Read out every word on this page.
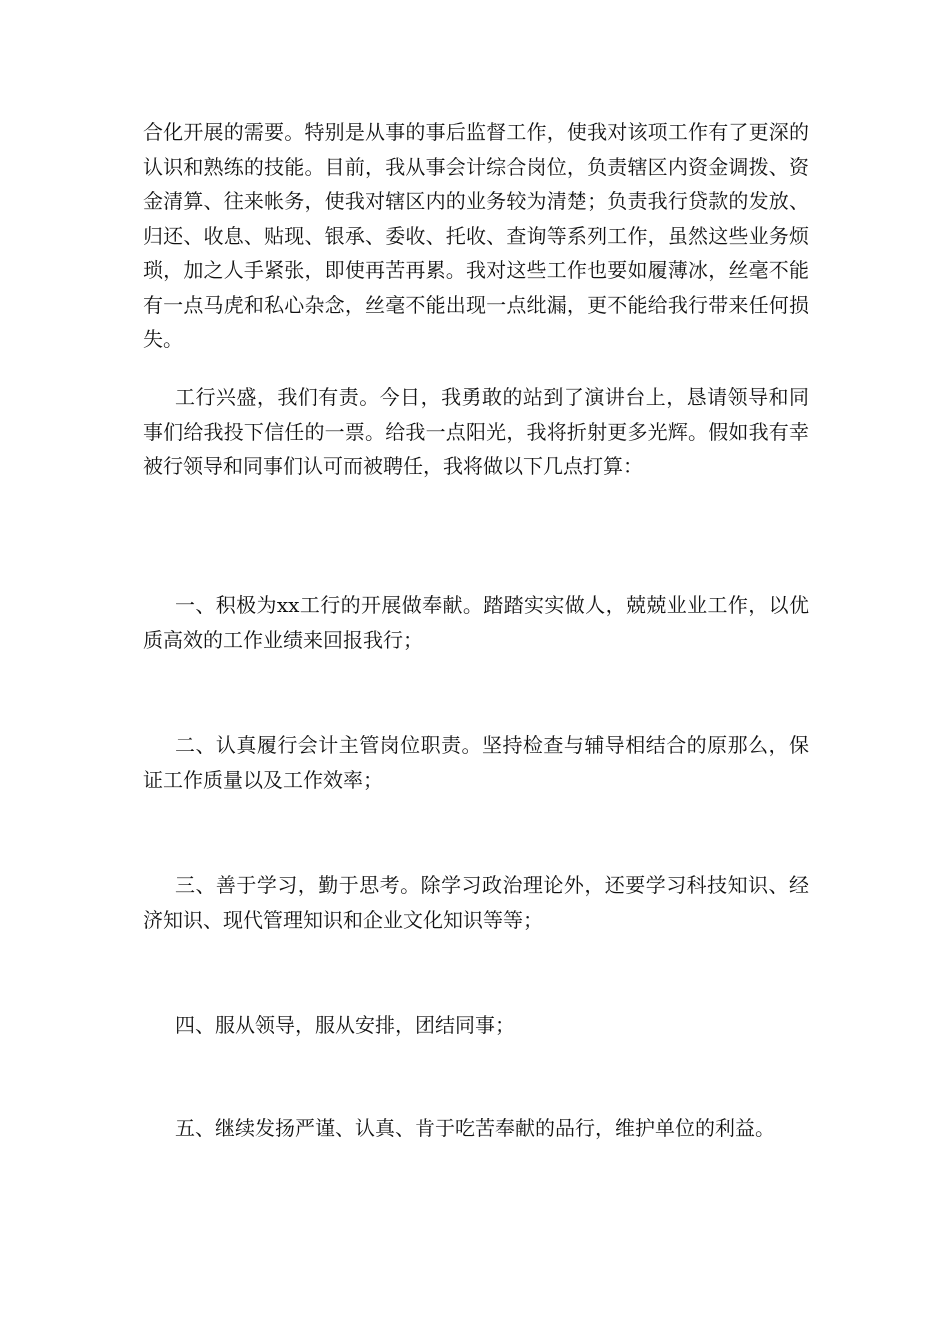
合化开展的需要。特别是从事的事后监督工作，使我对该项工作有了更深的认识和熟练的技能。目前，我从事会计综合岗位，负责辖区内资金调拨、资金清算、往来帐务，使我对辖区内的业务较为清楚；负责我行贷款的发放、归还、收息、贴现、银承、委收、托收、查询等系列工作，虽然这些业务烦琐，加之人手紧张，即使再苦再累。我对这些工作也要如履薄冰，丝毫不能有一点马虎和私心杂念，丝毫不能出现一点纰漏，更不能给我行带来任何损失。

工行兴盛，我们有责。今日，我勇敢的站到了演讲台上，恳请领导和同事们给我投下信任的一票。给我一点阳光，我将折射更多光辉。假如我有幸被行领导和同事们认可而被聘任，我将做以下几点打算：

一、积极为xx工行的开展做奉献。踏踏实实做人，兢兢业业工作，以优质高效的工作业绩来回报我行；

二、认真履行会计主管岗位职责。坚持检查与辅导相结合的原那么，保证工作质量以及工作效率；

三、善于学习，勤于思考。除学习政治理论外，还要学习科技知识、经济知识、现代管理知识和企业文化知识等等；

四、服从领导，服从安排，团结同事；

五、继续发扬严谨、认真、肯于吃苦奉献的品行，维护单位的利益。
